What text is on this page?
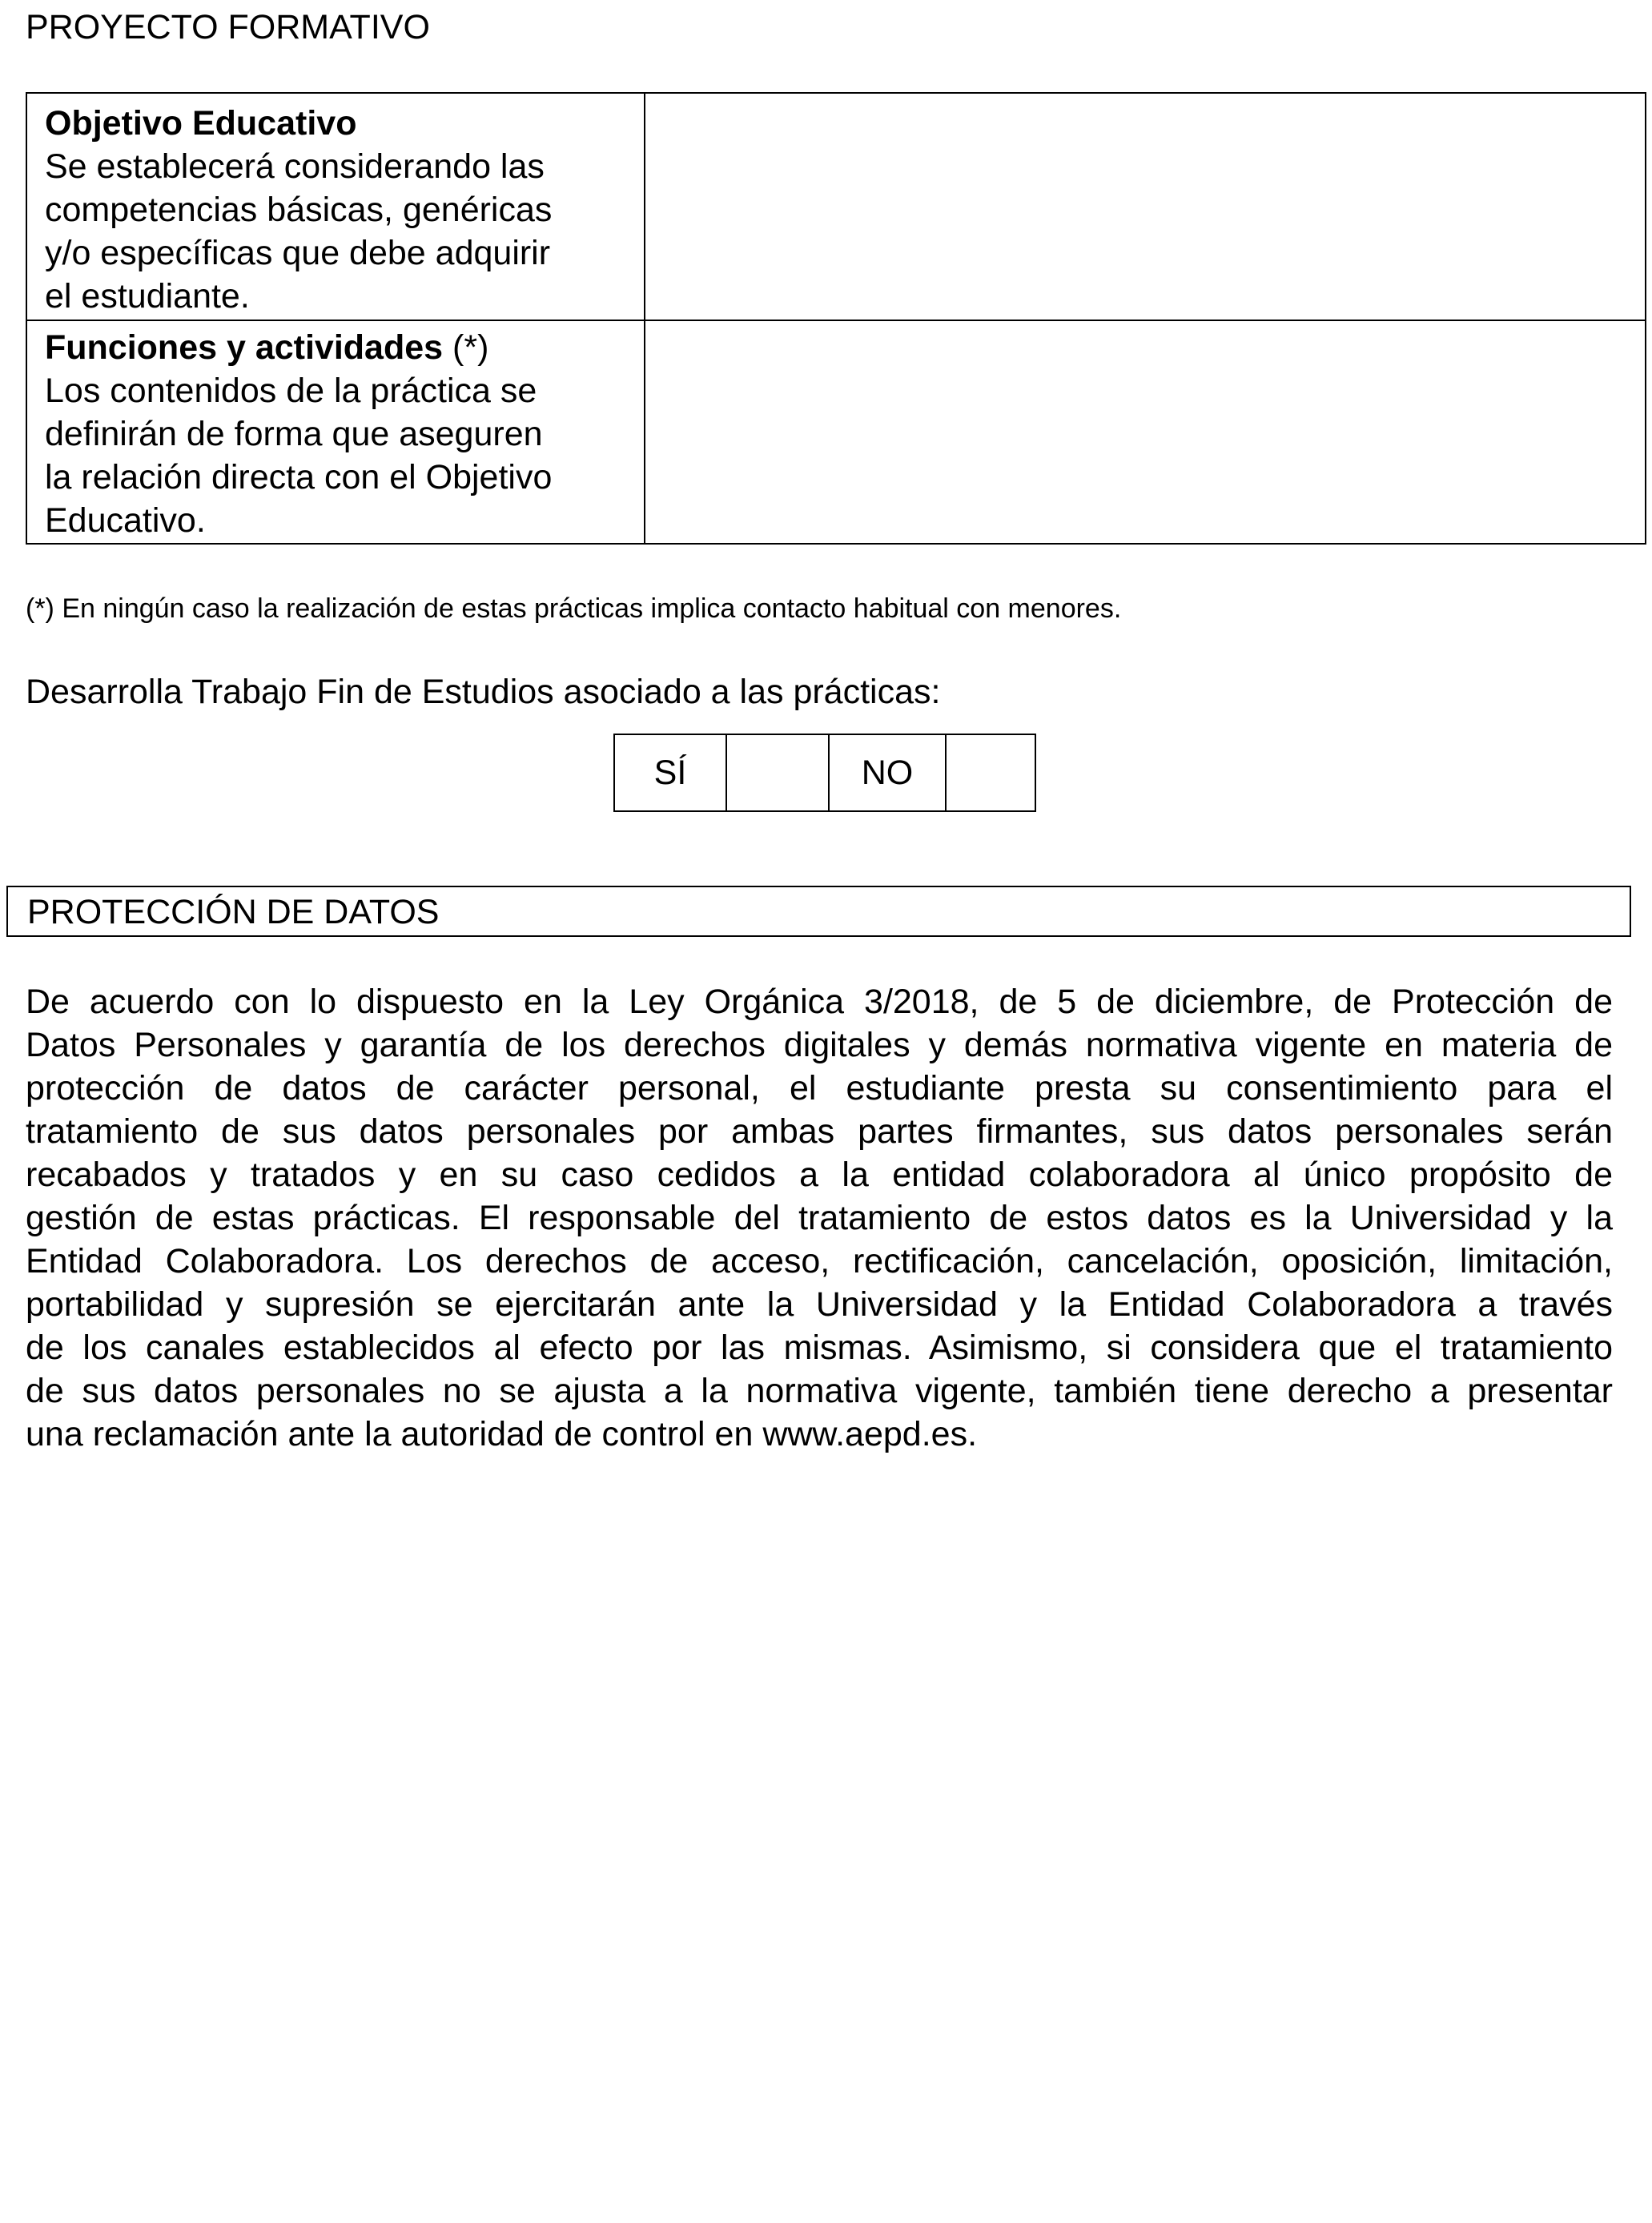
PROYECTO FORMATIVO
Objetivo Educativo
Se establecerá considerando las
competencias básicas, genéricas
y/o específicas que debe adquirir
el estudiante.
Funciones y actividades (*)
Los contenidos de la práctica se
definirán de forma que aseguren
la relación directa con el Objetivo
Educativo.
(*) En ningún caso la realización de estas prácticas implica contacto habitual con menores.
Desarrolla Trabajo Fin de Estudios asociado a las prácticas:
SÍ	NO
PROTECCIÓN DE DATOS
De acuerdo con lo dispuesto en la Ley Orgánica 3/2018, de 5 de diciembre, de Protección de
Datos Personales y garantía de los derechos digitales y demás normativa vigente en materia de
protección de datos de carácter personal, el estudiante presta su consentimiento para el
tratamiento de sus datos personales por ambas partes firmantes, sus datos personales serán
recabados y tratados y en su caso cedidos a la entidad colaboradora al único propósito de
gestión de estas prácticas. El responsable del tratamiento de estos datos es la Universidad y la
Entidad Colaboradora. Los derechos de acceso, rectificación, cancelación, oposición, limitación,
portabilidad y supresión se ejercitarán ante la Universidad y la Entidad Colaboradora a través
de los canales establecidos al efecto por las mismas. Asimismo, si considera que el tratamiento
de sus datos personales no se ajusta a la normativa vigente, también tiene derecho a presentar
una reclamación ante la autoridad de control en www.aepd.es.
